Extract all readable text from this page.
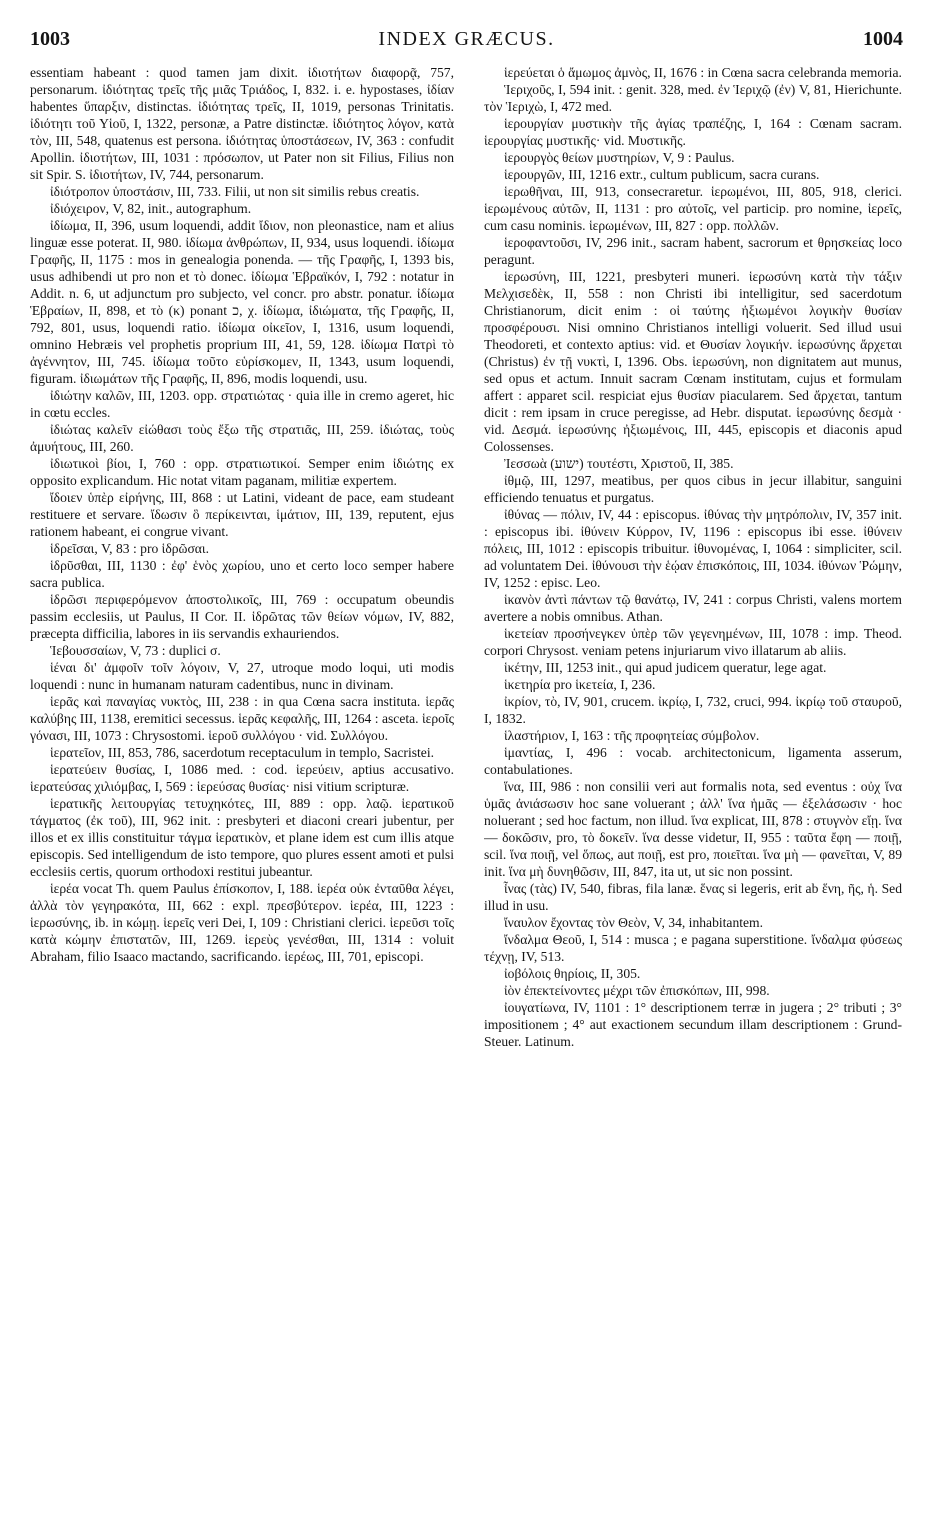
1003	INDEX GRÆCUS.	1004

essentiam habeant : quod tamen jam dixit. ἰδιοτήτων διαφορᾷ, 757, personarum. ἰδιότητας τρεῖς τῆς μιᾶς Τριάδος, I, 832. i. e. hypostases, ἰδίαν habentes ὕπαρξιν, distinctas. ἰδιότητας τρεῖς, II, 1019, personas Trinitatis. ἰδιότητι τοῦ Υἱοῦ, I, 1322, personæ, a Patre distinctæ. ἰδιότητος λόγον, κατὰ τὸν, III, 548, quatenus est persona. ἰδιότητας ὑποστάσεων, IV, 363 : confudit Apollin. ἰδιοτήτων, III, 1031 : πρόσωπον, ut Pater non sit Filius, Filius non sit Spir. S. ἰδιοτήτων, IV, 744, personarum.

ἰδιότροπον ὑποστάσιν, III, 733. Filii, ut non sit similis rebus creatis.

ἰδιόχειρον, V, 82, init., autographum.

ἰδίωμα, II, 396, usum loquendi, addit ἴδιον, non pleonastice, nam et alius linguæ esse poterat. II, 980. ἰδίωμα ἀνθρώπων, II, 934, usus loquendi. ἰδίωμα Γραφῆς, II, 1175 : mos in genealogia ponenda. — τῆς Γραφῆς, I, 1393 bis, usus adhibendi ut pro non et τὸ donec. ἰδίωμα Ἑβραϊκόν, I, 792 : notatur in Addit. n. 6, ut adjunctum pro subjecto, vel concr. pro abstr. ponatur. ἰδίωμα Ἑβραίων, II, 898, et τὸ (κ) ponant כ, χ. ἰδίωμα, ἰδιώματα, τῆς Γραφῆς, II, 792, 801, usus, loquendi ratio. ἰδίωμα οἰκεῖον, I, 1316, usum loquendi, omnino Hebræis vel prophetis proprium III, 41, 59, 128. ἰδίωμα Πατρὶ τὸ ἀγέννητον, III, 745. ἰδίωμα τοῦτο εὑρίσκομεν, II, 1343, usum loquendi, figuram. ἰδιωμάτων τῆς Γραφῆς, II, 896, modis loquendi, usu.

ἰδιώτην καλῶν, III, 1203. opp. στρατιώτας · quia ille in cremo ageret, hic in cœtu eccles.

ἰδιώτας καλεῖν εἰώθασι τοὺς ἔξω τῆς στρατιᾶς, III, 259. ἰδιώτας, τοὺς ἀμυήτους, III, 260.

ἰδιωτικοὶ βίοι, I, 760 : opp. στρατιωτικοί. Semper enim ἰδιώτης ex opposito explicandum. Hic notat vitam paganam, militiæ expertem.

ἴδοιεν ὑπὲρ εἰρήνης, III, 868 : ut Latini, videant de pace, eam studeant restituere et servare. ἴδωσιν ὃ περίκεινται, ἱμάτιον, III, 139, reputent, ejus rationem habeant, ei congrue vivant.

ἱδρεῖσαι, V, 83 : pro ἱδρῶσαι.

ἱδρῦσθαι, III, 1130 : ἐφ' ἑνὸς χωρίου, uno et certo loco semper habere sacra publica.

ἱδρῶσι περιφερόμενον ἀποστολικοῖς, III, 769 : occupatum obeundis passim ecclesiis, ut Paulus, II Cor. II. ἱδρῶτας τῶν θείων νόμων, IV, 882, præcepta difficilia, labores in iis servandis exhauriendos.

Ἱεβουσσαίων, V, 73 : duplici σ.

ἱέναι δι' ἀμφοῖν τοῖν λόγοιν, V, 27, utroque modo loqui, uti modis loquendi : nunc in humanam naturam cadentibus, nunc in divinam.

ἱερᾶς καὶ παναγίας νυκτὸς, III, 238 : in qua Cœna sacra instituta. ἱερᾶς καλύβης III, 1138, eremitici secessus. ἱερᾶς κεφαλῆς, III, 1264 : asceta. ἱεροῖς γόνασι, III, 1073 : Chrysostomi. ἱεροῦ συλλόγου · vid. Συλλόγου.

ἱερατεῖον, III, 853, 786, sacerdotum receptaculum in templo, Sacristei.

ἱερατεύειν θυσίας, I, 1086 med. : cod. ἱερεύειν, aptius accusativo. ἱερατεύσας χιλιόμβας, I, 569 : ἱερεύσας θυσίας· nisi vitium scripturæ.

ἱερατικῆς λειτουργίας τετυχηκότες, III, 889 : opp. λαῷ. ἱερατικοῦ τάγματος (ἐκ τοῦ), III, 962 init. : presbyteri et diaconi creari jubentur, per illos et ex illis constituitur τάγμα ἱερατικὸν, et plane idem est cum illis atque episcopis. Sed intelligendum de isto tempore, quo plures essent amoti et pulsi ecclesiis certis, quorum orthodoxi restitui jubeantur.

ἱερέα vocat Th. quem Paulus ἐπίσκοπον, I, 188. ἱερέα οὐκ ἐνταῦθα λέγει, ἀλλὰ τὸν γεγηρακότα, III, 662 : expl. πρεσβύτερον. ἱερέα, III, 1223 : ἱερωσύνης, ib. in κώμῃ. ἱερεῖς veri Dei, I, 109 : Christiani clerici. ἱερεῦσι τοῖς κατὰ κώμην ἐπιστατῶν, III, 1269. ἱερεὺς γενέσθαι, III, 1314 : voluit Abraham, filio Isaaco mactando, sacrificando. ἱερέως, III, 701, episcopi.

ἱερεύεται ὁ ἄμωμος ἀμνὸς, II, 1676 : in Cœna sacra celebranda memoria.

Ἱεριχοῦς, I, 594 init. : genit. 328, med. ἐν Ἱεριχῷ (ἐν) V, 81, Hierichunte. τὸν Ἱεριχὼ, I, 472 med.

ἱερουργίαν μυστικὴν τῆς ἁγίας τραπέζης, I, 164 : Cœnam sacram. ἱερουργίας μυστικῆς· vid. Μυστικῆς.

ἱερουργὸς θείων μυστηρίων, V, 9 : Paulus.

ἱερουργῶν, III, 1216 extr., cultum publicum, sacra curans.

ἱερωθῆναι, III, 913, consecraretur. ἱερωμένοι, III, 805, 918, clerici. ἱερωμένους αὐτῶν, II, 1131 : pro αὐτοῖς, vel particip. pro nomine, ἱερεῖς, cum casu nominis. ἱερωμένων, III, 827 : opp. πολλῶν.

ἱεροφαντοῦσι, IV, 296 init., sacram habent, sacrorum et θρησκείας loco peragunt.

ἱερωσύνη, III, 1221, presbyteri muneri. ἱερωσύνη κατὰ τὴν τάξιν Μελχισεδὲκ, II, 558 : non Christi ibi intelligitur, sed sacerdotum Christianorum, dicit enim : οἱ ταύτης ἠξιωμένοι λογικὴν θυσίαν προσφέρουσι. Nisi omnino Christianos intelligi voluerit. Sed illud usui Theodoreti, et contexto aptius: vid. et Θυσίαν λογικήν. ἱερωσύνης ἄρχεται (Christus) ἐν τῇ νυκτὶ, I, 1396. Obs. ἱερωσύνη, non dignitatem aut munus, sed opus et actum. Innuit sacram Cœnam institutam, cujus et formulam affert : apparet scil. respiciat ejus θυσίαν piacularem. Sed ἄρχεται, tantum dicit : rem ipsam in cruce peregisse, ad Hebr. disputat. ἱερωσύνης δεσμὰ · vid. Δεσμά. ἱερωσύνης ἠξιωμένοις, III, 445, episcopis et diaconis apud Colossenses.

Ἰεσσωὰ (ישוע) τουτέστι, Χριστοῦ, II, 385.

ἰθμῷ, III, 1297, meatibus, per quos cibus in jecur illabitur, sanguini efficiendo tenuatus et purgatus.

ἰθύνας — πόλιν, IV, 44 : episcopus. ἰθύνας τὴν μητρόπολιν, IV, 357 init. : episcopus ibi. ἰθύνειν Κύρρον, IV, 1196 : episcopus ibi esse. ἰθύνειν πόλεις, III, 1012 : episcopis tribuitur. ἰθυνομένας, I, 1064 : simpliciter, scil. ad voluntatem Dei. ἰθύνουσι τὴν ἑῴαν ἐπισκόποις, III, 1034. ἰθύνων Ῥώμην, IV, 1252 : episc. Leo.

ἱκανὸν ἀντὶ πάντων τῷ θανάτῳ, IV, 241 : corpus Christi, valens mortem avertere a nobis omnibus. Athan.

ἱκετείαν προσήνεγκεν ὑπὲρ τῶν γεγενημένων, III, 1078 : imp. Theod. corpori Chrysost. veniam petens injuriarum vivo illatarum ab aliis.

ἱκέτην, III, 1253 init., qui apud judicem queratur, lege agat.

ἱκετηρία pro ἱκετεία, I, 236.

ἰκρίον, τὸ, IV, 901, crucem. ἰκρίῳ, I, 732, cruci, 994. ἰκρίῳ τοῦ σταυροῦ, I, 1832.

ἱλαστήριον, I, 163 : τῆς προφητείας σύμβολον.

ἱμαντίας, I, 496 : vocab. architectonicum, ligamenta asserum, contabulationes.

ἵνα, III, 986 : non consilii veri aut formalis nota, sed eventus : οὐχ ἵνα ὑμᾶς ἀνιάσωσιν hoc sane voluerant ; ἀλλ' ἵνα ἡμᾶς — ἐξελάσωσιν · hoc noluerant ; sed hoc factum, non illud. ἵνα explicat, III, 878 : στυγνὸν εἴῃ. ἵνα — δοκῶσιν, pro, τὸ δοκεῖν. ἵνα desse videtur, II, 955 : ταῦτα ἔφη — ποιῇ, scil. ἵνα ποιῇ, vel ὅπως, aut ποιῇ, est pro, ποιεῖται. ἵνα μὴ — φανεῖται, V, 89 init. ἵνα μὴ δυνηθῶσιν, III, 847, ita ut, ut sic non possint.

ἶνας (τὰς) IV, 540, fibras, fila lanæ. ἕνας si legeris, erit ab ἕνη, ῆς, ἡ. Sed illud in usu.

ἴναυλον ἔχοντας τὸν Θεὸν, V, 34, inhabitantem.

ἴνδαλμα Θεοῦ, I, 514 : musca ; e pagana superstitione. ἴνδαλμα φύσεως τέχνῃ, IV, 513.

ἰοβόλοις θηρίοις, II, 305.

ἰὸν ἐπεκτείνοντες μέχρι τῶν ἐπισκόπων, III, 998.

ἰουγατίωνα, IV, 1101 : 1° descriptionem terræ in jugera ; 2° tributi ; 3° impositionem ; 4° aut exactionem secundum illam descriptionem : Grund-Steuer. Latinum.
